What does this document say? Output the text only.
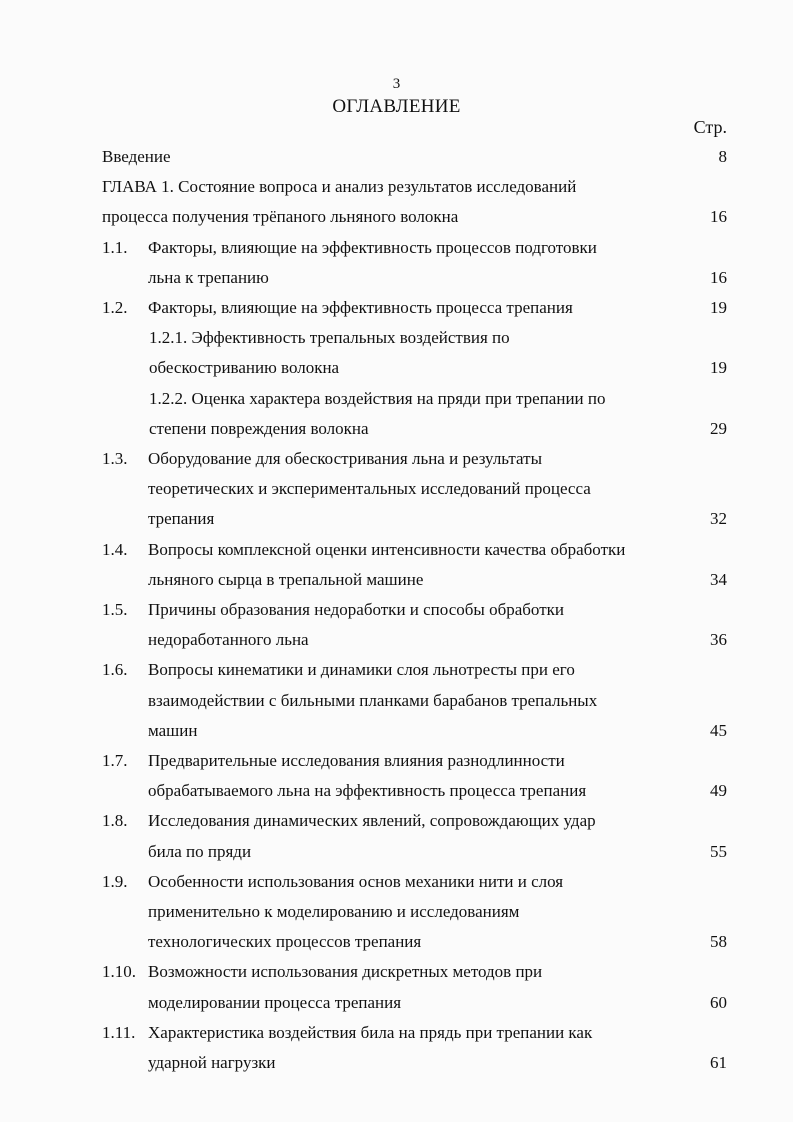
3
ОГЛАВЛЕНИЕ
Стр.
Введение	8
ГЛАВА 1. Состояние вопроса и анализ результатов исследований
процесса получения трёпаного льняного волокна	16
1.1. Факторы, влияющие на эффективность процессов подготовки
льна к трепанию	16
1.2. Факторы, влияющие на эффективность процесса трепания	19
1.2.1. Эффективность трепальных воздействия по
обескостриванию волокна	19
1.2.2. Оценка характера воздействия на пряди при трепании по
степени повреждения волокна	29
1.3. Оборудование для обескостривания льна и результаты
теоретических и экспериментальных исследований процесса
трепания	32
1.4. Вопросы комплексной оценки интенсивности качества обработки
льняного сырца в трепальной машине	34
1.5. Причины образования недоработки и способы обработки
недоработанного льна	36
1.6. Вопросы кинематики и динамики слоя льнотресты при его
взаимодействии с бильными планками барабанов трепальных
машин	45
1.7. Предварительные исследования влияния разнодлинности
обрабатываемого льна на эффективность процесса трепания	49
1.8. Исследования динамических явлений, сопровождающих удар
била по пряди	55
1.9. Особенности использования основ механики нити и слоя
применительно к моделированию и исследованиям
технологических процессов трепания	58
1.10. Возможности использования дискретных методов при
моделировании процесса трепания	60
1.11. Характеристика воздействия била на прядь при трепании как
ударной нагрузки	61
